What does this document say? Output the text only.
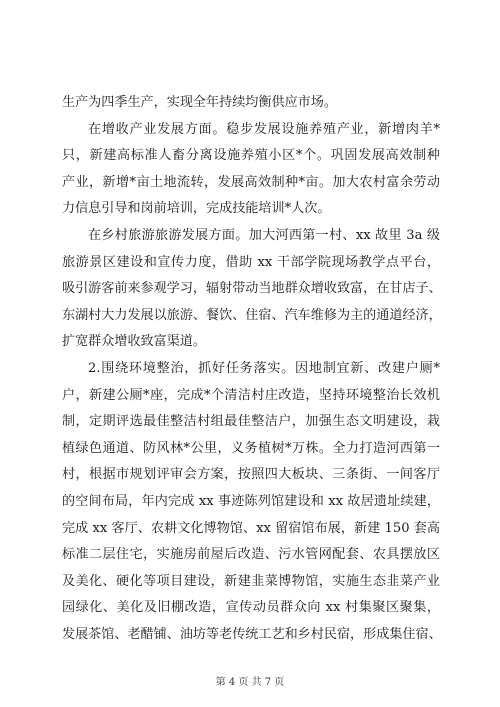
生产为四季生产，实现全年持续均衡供应市场。
在增收产业发展方面。稳步发展设施养殖产业，新增肉羊*
只，新建高标准人畜分离设施养殖小区*个。巩固发展高效制种
产业，新增*亩土地流转，发展高效制种*亩。加大农村富余劳动
力信息引导和岗前培训，完成技能培训*人次。
在乡村旅游旅游发展方面。加大河西第一村、xx 故里 3a 级
旅游景区建设和宣传力度，借助 xx 干部学院现场教学点平台，
吸引游客前来参观学习，辐射带动当地群众增收致富，在甘店子、
东湖村大力发展以旅游、餐饮、住宿、汽车维修为主的通道经济，
扩宽群众增收致富渠道。
2.围绕环境整治，抓好任务落实。因地制宜新、改建户厕*
户，新建公厕*座，完成*个清洁村庄改造，坚持环境整治长效机
制，定期评选最佳整洁村组最佳整洁户，加强生态文明建设，栽
植绿色通道、防风林*公里，义务植树*万株。全力打造河西第一
村，根据市规划评审会方案，按照四大板块、三条街、一间客厅
的空间布局，年内完成 xx 事迹陈列馆建设和 xx 故居遗址续建，
完成 xx 客厅、农耕文化博物馆、xx 留宿馆布展，新建 150 套高
标准二层住宅，实施房前屋后改造、污水管网配套、农具摆放区
及美化、硬化等项目建设，新建韭菜博物馆，实施生态韭菜产业
园绿化、美化及旧棚改造，宣传动员群众向 xx 村集聚区聚集，
发展茶馆、老醋铺、油坊等老传统工艺和乡村民宿，形成集住宿、
第 4 页 共 7 页
